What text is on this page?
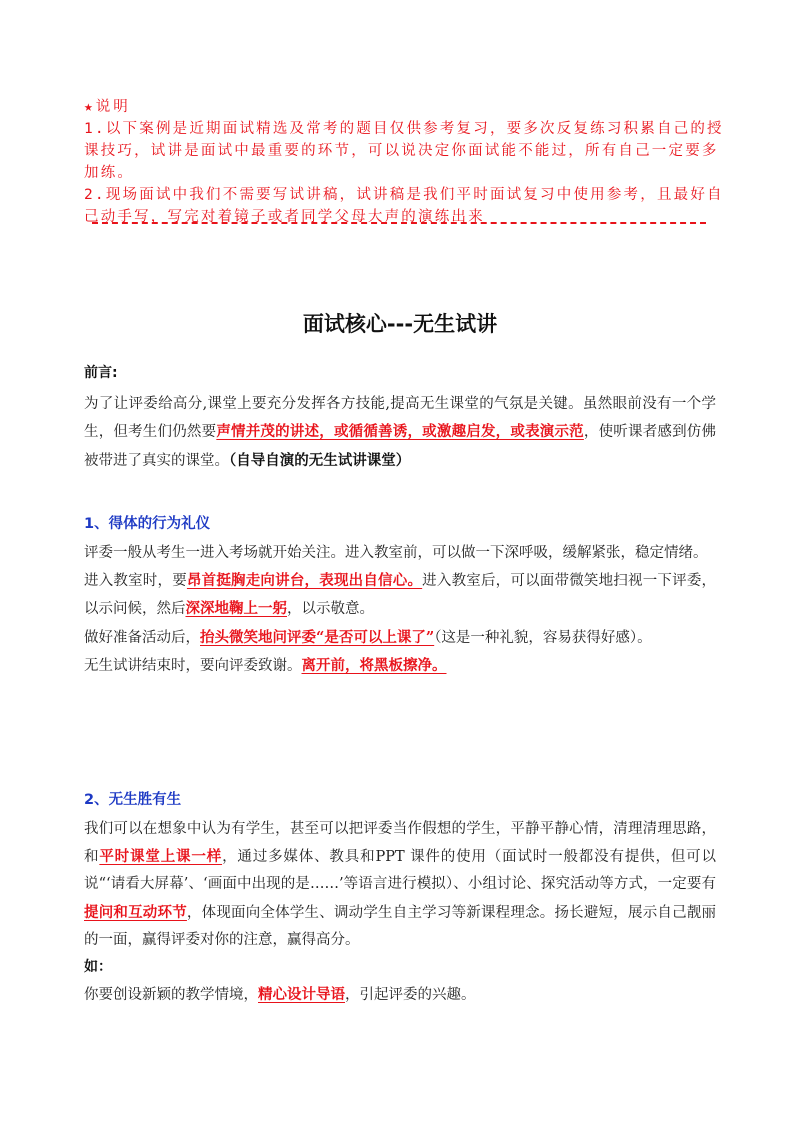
★说明

1.以下案例是近期面试精选及常考的题目仅供参考复习，要多次反复练习积累自己的授课技巧，试讲是面试中最重要的环节，可以说决定你面试能不能过，所有自己一定要多加练。

2.现场面试中我们不需要写试讲稿，试讲稿是我们平时面试复习中使用参考，且最好自己动手写，写完对着镜子或者同学父母大声的演练出来

面试核心---无生试讲

前言:

为了让评委给高分,课堂上要充分发挥各方技能,提高无生课堂的气氛是关键。虽然眼前没有一个学生，但考生们仍然要声情并茂的讲述，或循循善诱，或激趣启发，或表演示范，使听课者感到仿佛被带进了真实的课堂。（自导自演的无生试讲课堂）

1、得体的行为礼仪

评委一般从考生一进入考场就开始关注。进入教室前，可以做一下深呼吸，缓解紧张，稳定情绪。

进入教室时，要昂首挺胸走向讲台，表现出自信心。进入教室后，可以面带微笑地扫视一下评委，以示问候，然后深深地鞠上一躬，以示敬意。

做好准备活动后，抬头微笑地问评委“是否可以上课了”（这是一种礼貌，容易获得好感）。

无生试讲结束时，要向评委致谢。离开前，将黑板擦净。

2、无生胜有生

我们可以在想象中认为有学生，甚至可以把评委当作假想的学生，平静平静心情，清理清理思路，和平时课堂上课一样，通过多媒体、教具和PPT 课件的使用（面试时一般都没有提供，但可以说“‘请看大屏幕’、‘画面中出现的是……’等语言进行模拟）、小组讨论、探究活动等方式，一定要有提问和互动环节，体现面向全体学生、调动学生自主学习等新课程理念。扬长避短，展示自己靓丽的一面，赢得评委对你的注意，赢得高分。

如：

你要创设新颖的教学情境，精心设计导语，引起评委的兴趣。
